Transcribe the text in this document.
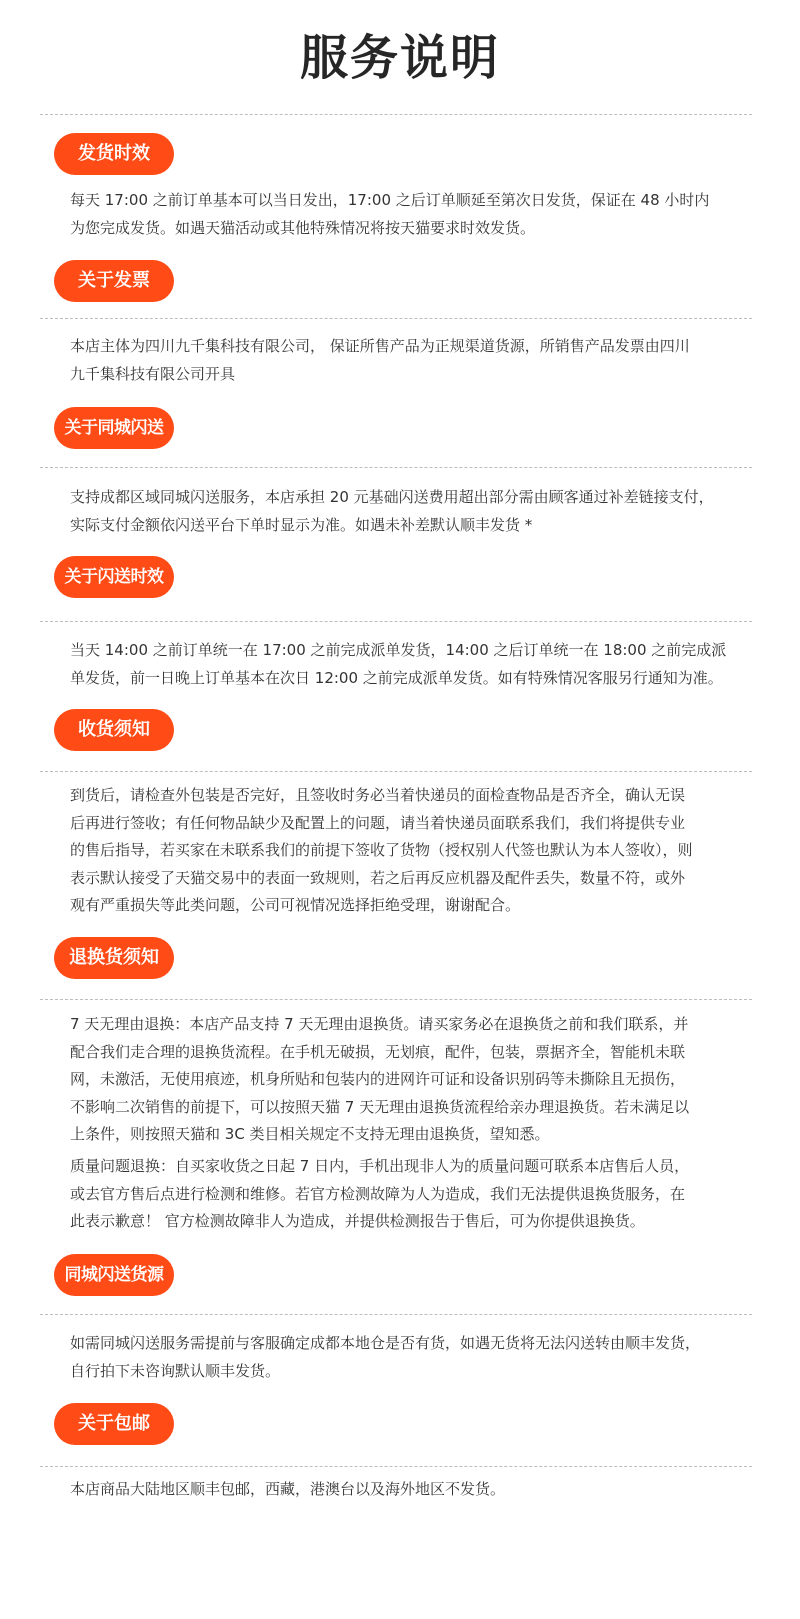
服务说明
发货时效
每天 17:00 之前订单基本可以当日发出，17:00 之后订单顺延至第次日发货，保证在 48 小时内
为您完成发货。如遇天猫活动或其他特殊情况将按天猫要求时效发货。
关于发票
本店主体为四川九千集科技有限公司， 保证所售产品为正规渠道货源，所销售产品发票由四川
九千集科技有限公司开具
关于同城闪送
支持成都区域同城闪送服务，本店承担 20 元基础闪送费用超出部分需由顾客通过补差链接支付，
实际支付金额依闪送平台下单时显示为准。如遇未补差默认顺丰发货 *
关于闪送时效
当天 14:00 之前订单统一在 17:00 之前完成派单发货，14:00 之后订单统一在 18:00 之前完成派
单发货，前一日晚上订单基本在次日 12:00 之前完成派单发货。如有特殊情况客服另行通知为准。
收货须知
到货后，请检查外包装是否完好，且签收时务必当着快递员的面检查物品是否齐全，确认无误
后再进行签收；有任何物品缺少及配置上的问题，请当着快递员面联系我们，我们将提供专业
的售后指导，若买家在未联系我们的前提下签收了货物（授权别人代签也默认为本人签收），则
表示默认接受了天猫交易中的表面一致规则，若之后再反应机器及配件丢失，数量不符，或外
观有严重损失等此类问题，公司可视情况选择拒绝受理，谢谢配合。
退换货须知
7 天无理由退换：本店产品支持 7 天无理由退换货。请买家务必在退换货之前和我们联系，并
配合我们走合理的退换货流程。在手机无破损，无划痕，配件，包装，票据齐全，智能机未联
网，未激活，无使用痕迹，机身所贴和包装内的进网许可证和设备识别码等未撕除且无损伤，
不影响二次销售的前提下，可以按照天猫 7 天无理由退换货流程给亲办理退换货。若未满足以
上条件，则按照天猫和 3C 类目相关规定不支持无理由退换货，望知悉。
质量问题退换：自买家收货之日起 7 日内，手机出现非人为的质量问题可联系本店售后人员，
或去官方售后点进行检测和维修。若官方检测故障为人为造成，我们无法提供退换货服务，在
此表示歉意！ 官方检测故障非人为造成，并提供检测报告于售后，可为你提供退换货。
同城闪送货源
如需同城闪送服务需提前与客服确定成都本地仓是否有货，如遇无货将无法闪送转由顺丰发货，
自行拍下未咨询默认顺丰发货。
关于包邮
本店商品大陆地区顺丰包邮，西藏，港澳台以及海外地区不发货。
